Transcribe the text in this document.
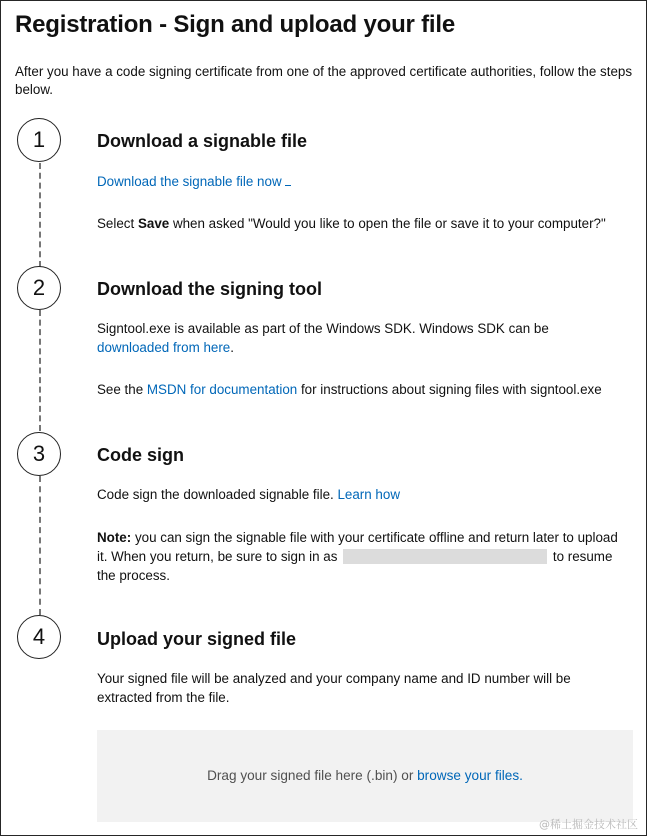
Registration - Sign and upload your file

After you have a code signing certificate from one of the approved certificate authorities, follow the steps below.

1	Download a signable file

Download the signable file now

Select Save when asked "Would you like to open the file or save it to your computer?"

2	Download the signing tool

Signtool.exe is available as part of the Windows SDK. Windows SDK can be downloaded from here.

See the MSDN for documentation for instructions about signing files with signtool.exe

3	Code sign

Code sign the downloaded signable file. Learn how

Note: you can sign the signable file with your certificate offline and return later to upload it. When you return, be sure to sign in as	to resume the process.

4	Upload your signed file

Your signed file will be analyzed and your company name and ID number will be extracted from the file.

Drag your signed file here (.bin) or browse your files.
@稀土掘金技术社区
